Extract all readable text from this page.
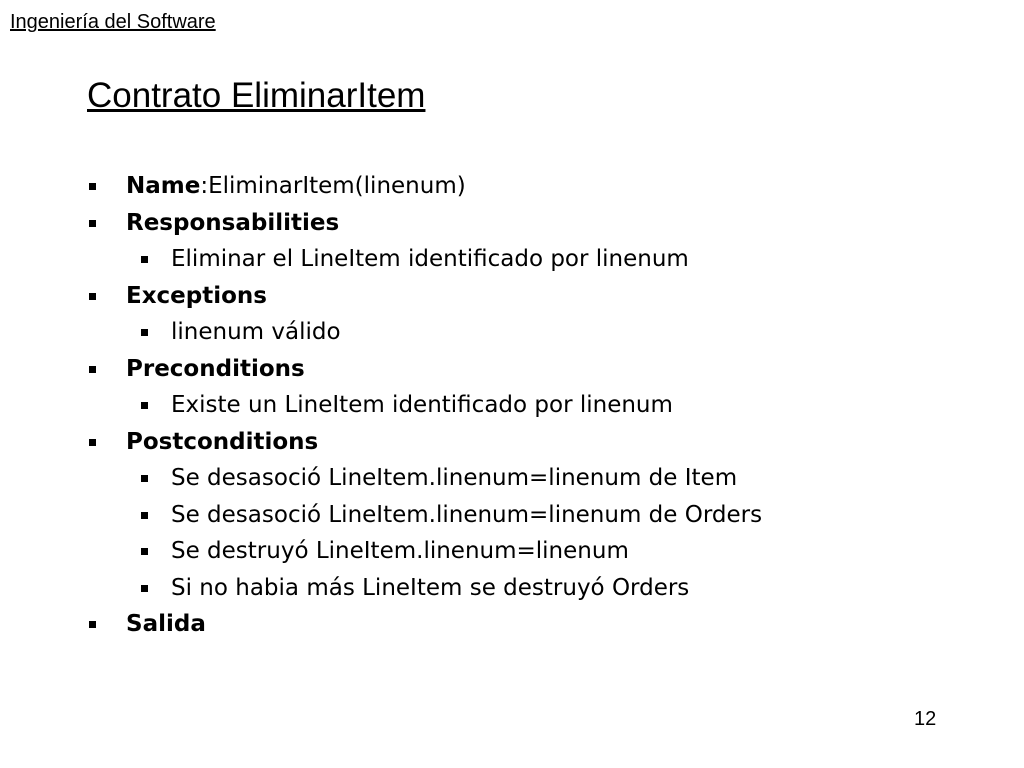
Ingeniería del Software
Contrato EliminarItem
Name:EliminarItem(linenum)
Responsabilities
Eliminar el LineItem identificado por linenum
Exceptions
linenum válido
Preconditions
Existe un LineItem identificado por linenum
Postconditions
Se desasoció LineItem.linenum=linenum de Item
Se desasoció LineItem.linenum=linenum de Orders
Se destruyó LineItem.linenum=linenum
Si no habia más LineItem se destruyó Orders
Salida
12
